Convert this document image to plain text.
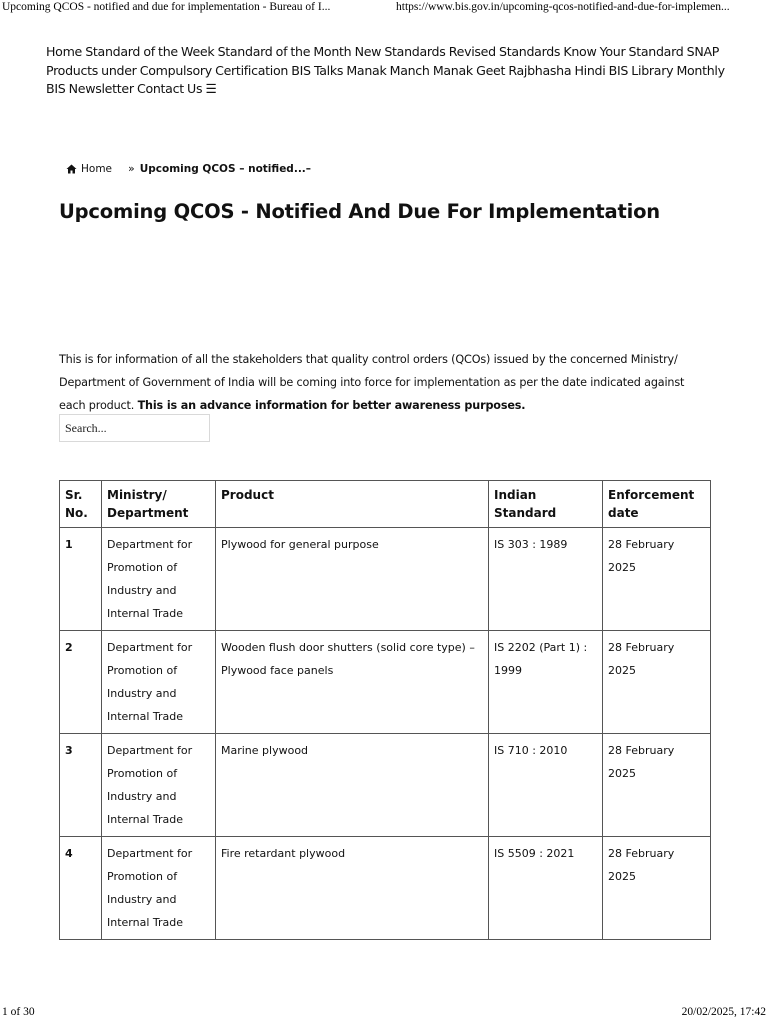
Upcoming QCOS - notified and due for implementation - Bureau of I...	https://www.bis.gov.in/upcoming-qcos-notified-and-due-for-implemen...
Home Standard of the Week Standard of the Month New Standards Revised Standards Know Your Standard SNAP Products under Compulsory Certification BIS Talks Manak Manch Manak Geet Rajbhasha Hindi BIS Library Monthly BIS Newsletter Contact Us ☰
Home » Upcoming QCOS – notified...–
Upcoming QCOS - Notified And Due For Implementation

This is for information of all the stakeholders that quality control orders (QCOs) issued by the concerned Ministry/ Department of Government of India will be coming into force for implementation as per the date indicated against each product. This is an advance information for better awareness purposes.

Search...
Sr. No.	Ministry/ Department	Product	Indian Standard	Enforcement date
1	Department for Promotion of Industry and Internal Trade	Plywood for general purpose	IS 303 : 1989	28 February 2025
2	Department for Promotion of Industry and Internal Trade	Wooden flush door shutters (solid core type) – Plywood face panels	IS 2202 (Part 1) : 1999	28 February 2025
3	Department for Promotion of Industry and Internal Trade	Marine plywood	IS 710 : 2010	28 February 2025
4	Department for Promotion of Industry and Internal Trade	Fire retardant plywood	IS 5509 : 2021	28 February 2025
1 of 30	20/02/2025, 17:42
